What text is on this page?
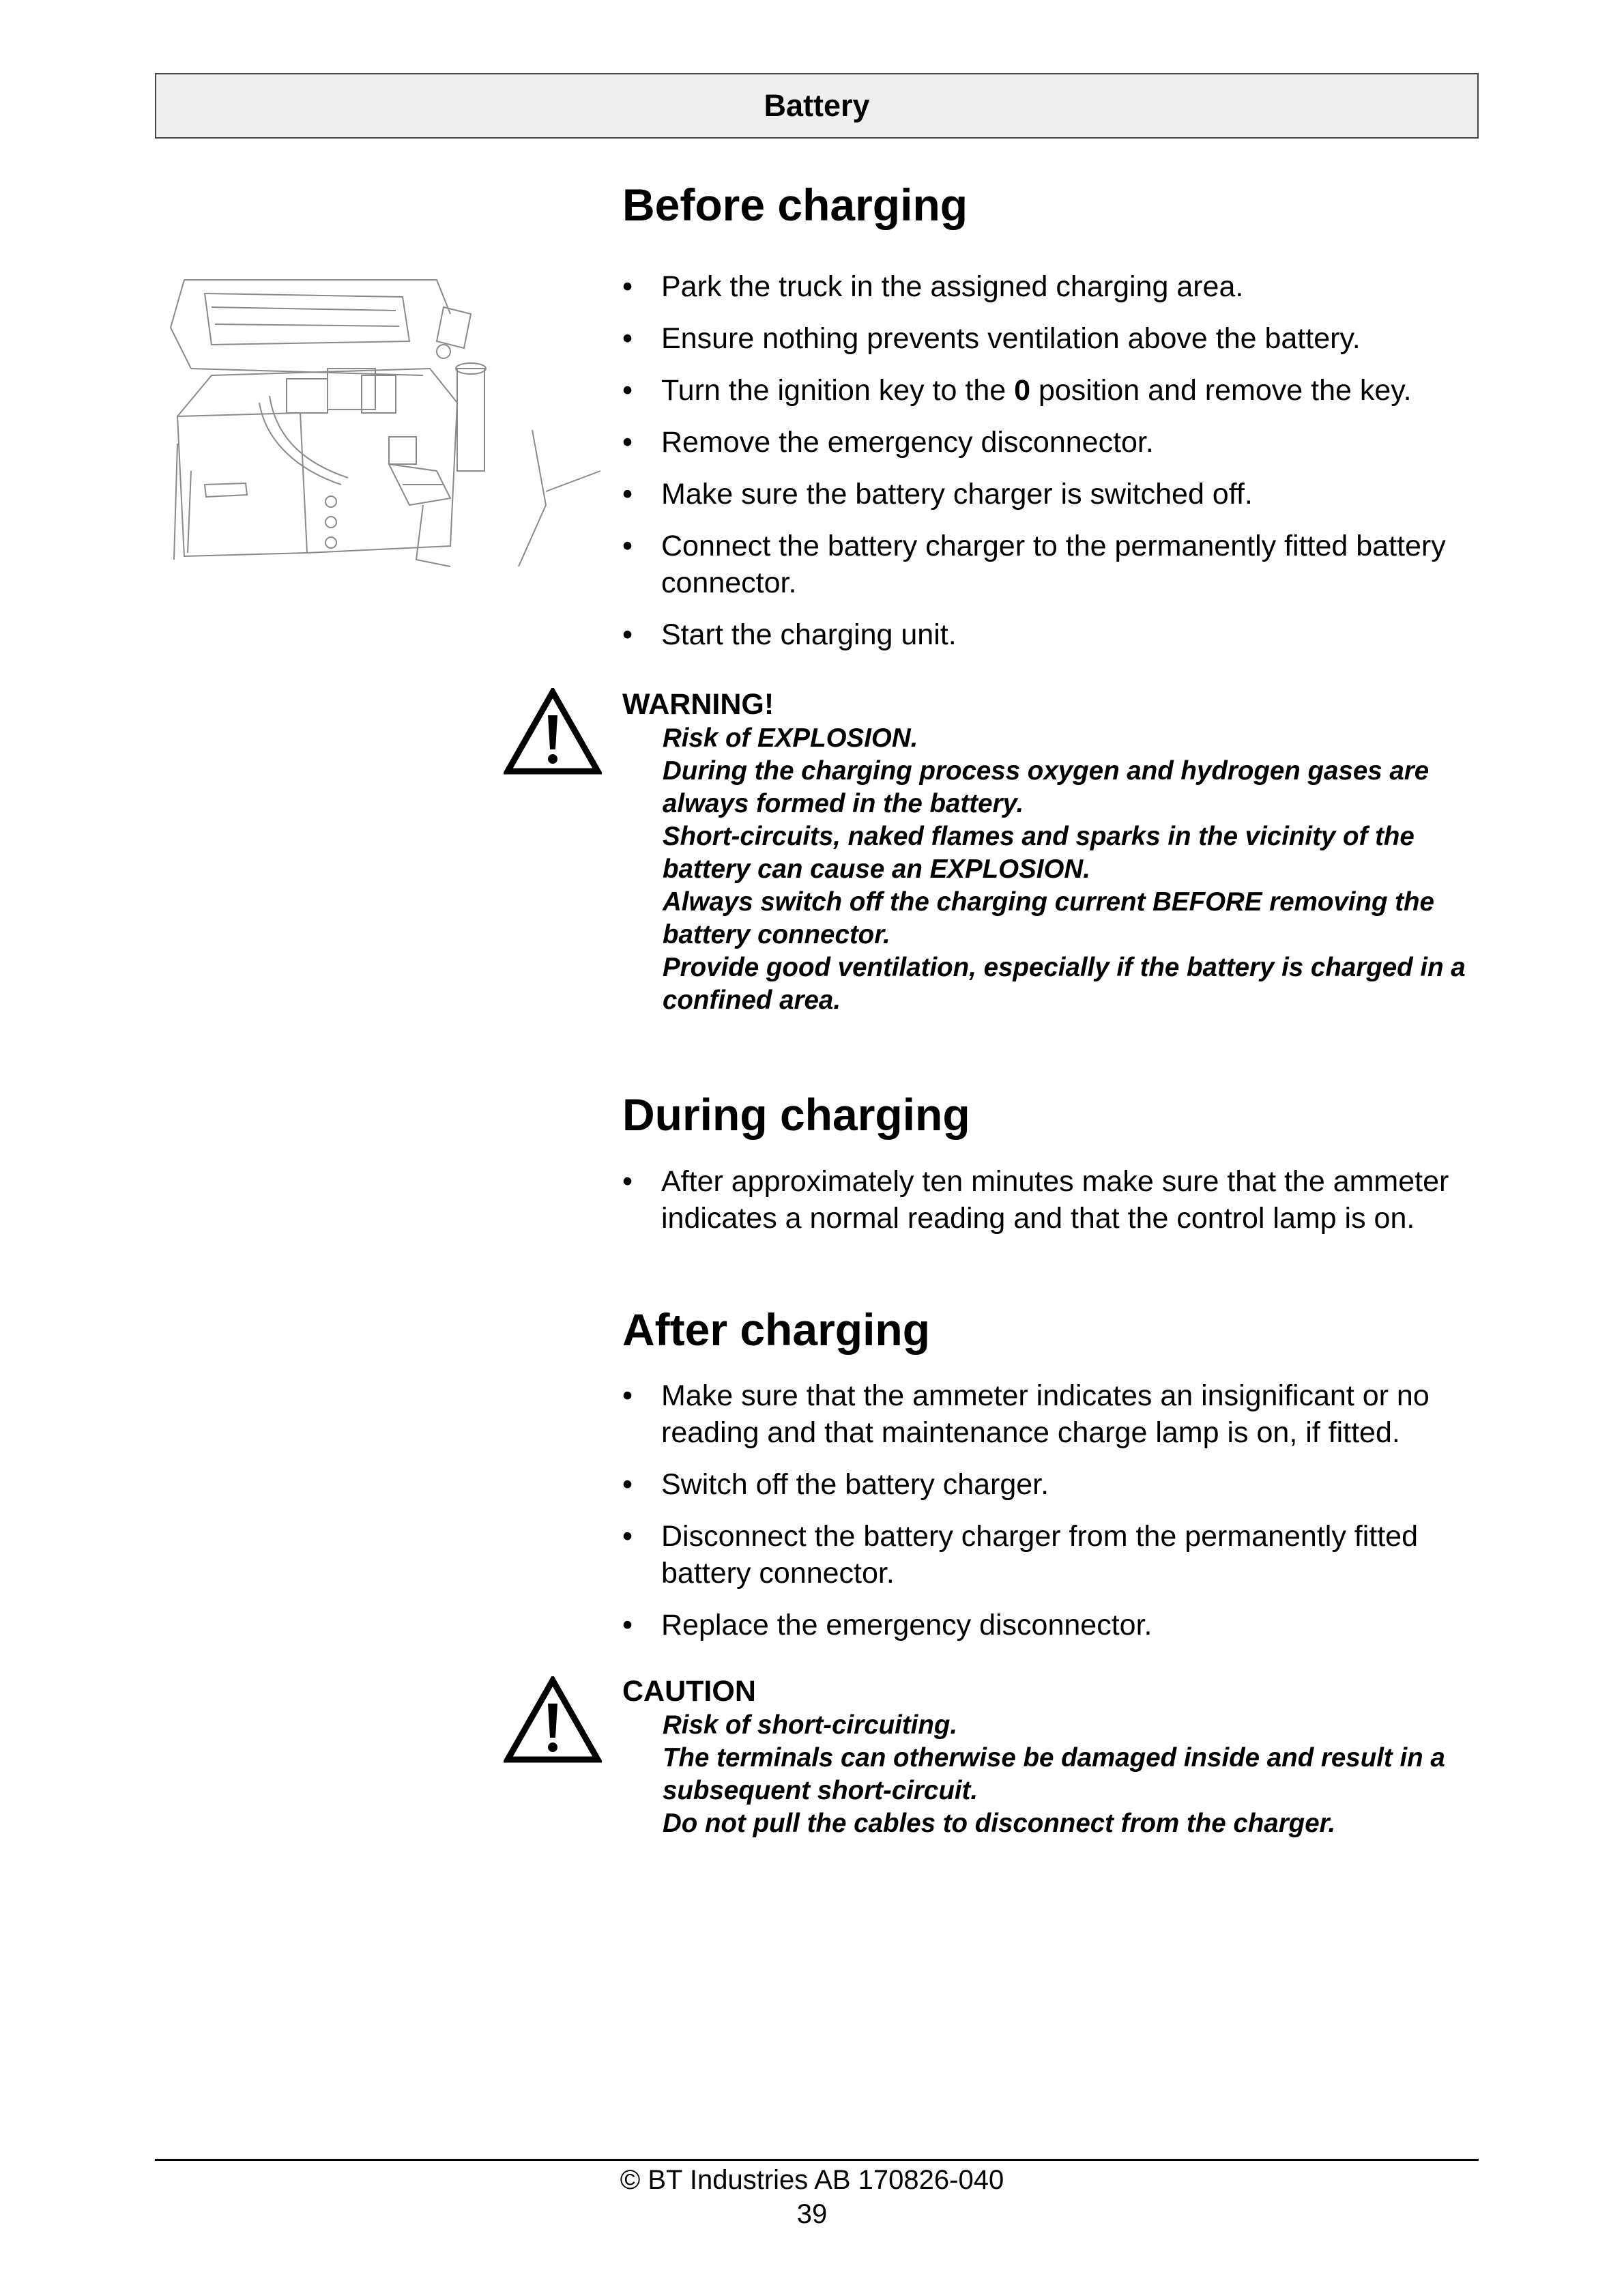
Battery
Before charging
• Park the truck in the assigned charging area.
• Ensure nothing prevents ventilation above the battery.
• Turn the ignition key to the 0 position and remove the key.
• Remove the emergency disconnector.
• Make sure the battery charger is switched off.
• Connect the battery charger to the permanently fitted battery connector.
• Start the charging unit.
WARNING!
Risk of EXPLOSION.
During the charging process oxygen and hydrogen gases are always formed in the battery.
Short-circuits, naked flames and sparks in the vicinity of the battery can cause an EXPLOSION.
Always switch off the charging current BEFORE removing the battery connector.
Provide good ventilation, especially if the battery is charged in a confined area.
During charging
• After approximately ten minutes make sure that the ammeter indicates a normal reading and that the control lamp is on.
After charging
• Make sure that the ammeter indicates an insignificant or no reading and that maintenance charge lamp is on, if fitted.
• Switch off the battery charger.
• Disconnect the battery charger from the permanently fitted battery connector.
• Replace the emergency disconnector.
CAUTION
Risk of short-circuiting.
The terminals can otherwise be damaged inside and result in a subsequent short-circuit.
Do not pull the cables to disconnect from the charger.
© BT Industries AB 170826-040
39
